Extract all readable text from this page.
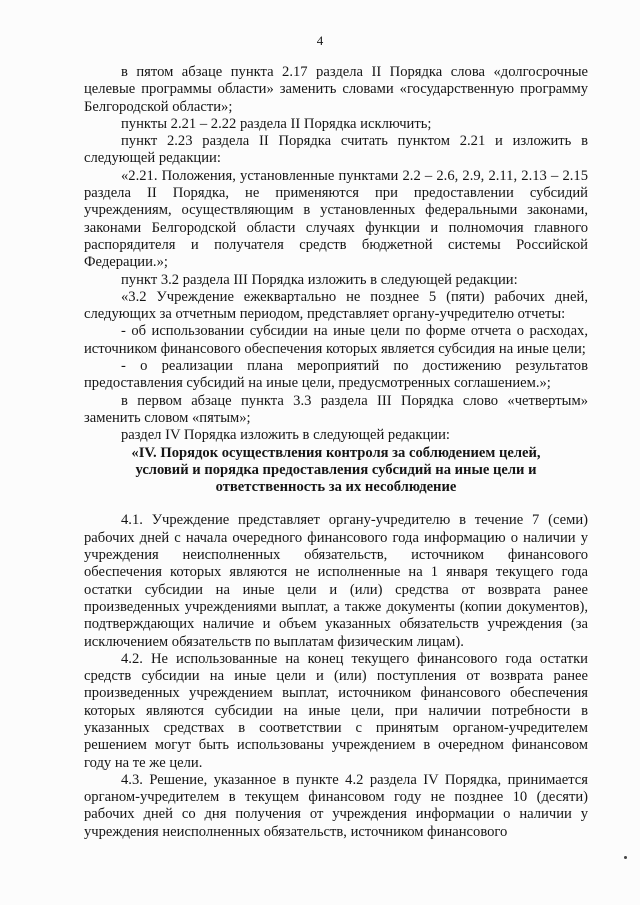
4

в пятом абзаце пункта 2.17 раздела II Порядка слова «долгосрочные целевые программы области» заменить словами «государственную программу Белгородской области»;

пункты 2.21 – 2.22 раздела II Порядка исключить;

пункт 2.23 раздела II Порядка считать пунктом 2.21 и изложить в следующей редакции:

«2.21. Положения, установленные пунктами 2.2 – 2.6, 2.9, 2.11, 2.13 – 2.15 раздела II Порядка, не применяются при предоставлении субсидий учреждениям, осуществляющим в установленных федеральными законами, законами Белгородской области случаях функции и полномочия главного распорядителя и получателя средств бюджетной системы Российской Федерации.»;

пункт 3.2 раздела III Порядка изложить в следующей редакции:

«3.2 Учреждение ежеквартально не позднее 5 (пяти) рабочих дней, следующих за отчетным периодом, представляет органу-учредителю отчеты:

- об использовании субсидии на иные цели по форме отчета о расходах, источником финансового обеспечения которых является субсидия на иные цели;

- о реализации плана мероприятий по достижению результатов предоставления субсидий на иные цели, предусмотренных соглашением.»;

в первом абзаце пункта 3.3 раздела III Порядка слово «четвертым» заменить словом «пятым»;

раздел IV Порядка изложить в следующей редакции:

«IV. Порядок осуществления контроля за соблюдением целей, условий и порядка предоставления субсидий на иные цели и ответственность за их несоблюдение

4.1. Учреждение представляет органу-учредителю в течение 7 (семи) рабочих дней с начала очередного финансового года информацию о наличии у учреждения неисполненных обязательств, источником финансового обеспечения которых являются не исполненные на 1 января текущего года остатки субсидии на иные цели и (или) средства от возврата ранее произведенных учреждениями выплат, а также документы (копии документов), подтверждающих наличие и объем указанных обязательств учреждения (за исключением обязательств по выплатам физическим лицам).

4.2. Не использованные на конец текущего финансового года остатки средств субсидии на иные цели и (или) поступления от возврата ранее произведенных учреждением выплат, источником финансового обеспечения которых являются субсидии на иные цели, при наличии потребности в указанных средствах в соответствии с принятым органом-учредителем решением могут быть использованы учреждением в очередном финансовом году на те же цели.

4.3. Решение, указанное в пункте 4.2 раздела IV Порядка, принимается органом-учредителем в текущем финансовом году не позднее 10 (десяти) рабочих дней со дня получения от учреждения информации о наличии у учреждения неисполненных обязательств, источником финансового
